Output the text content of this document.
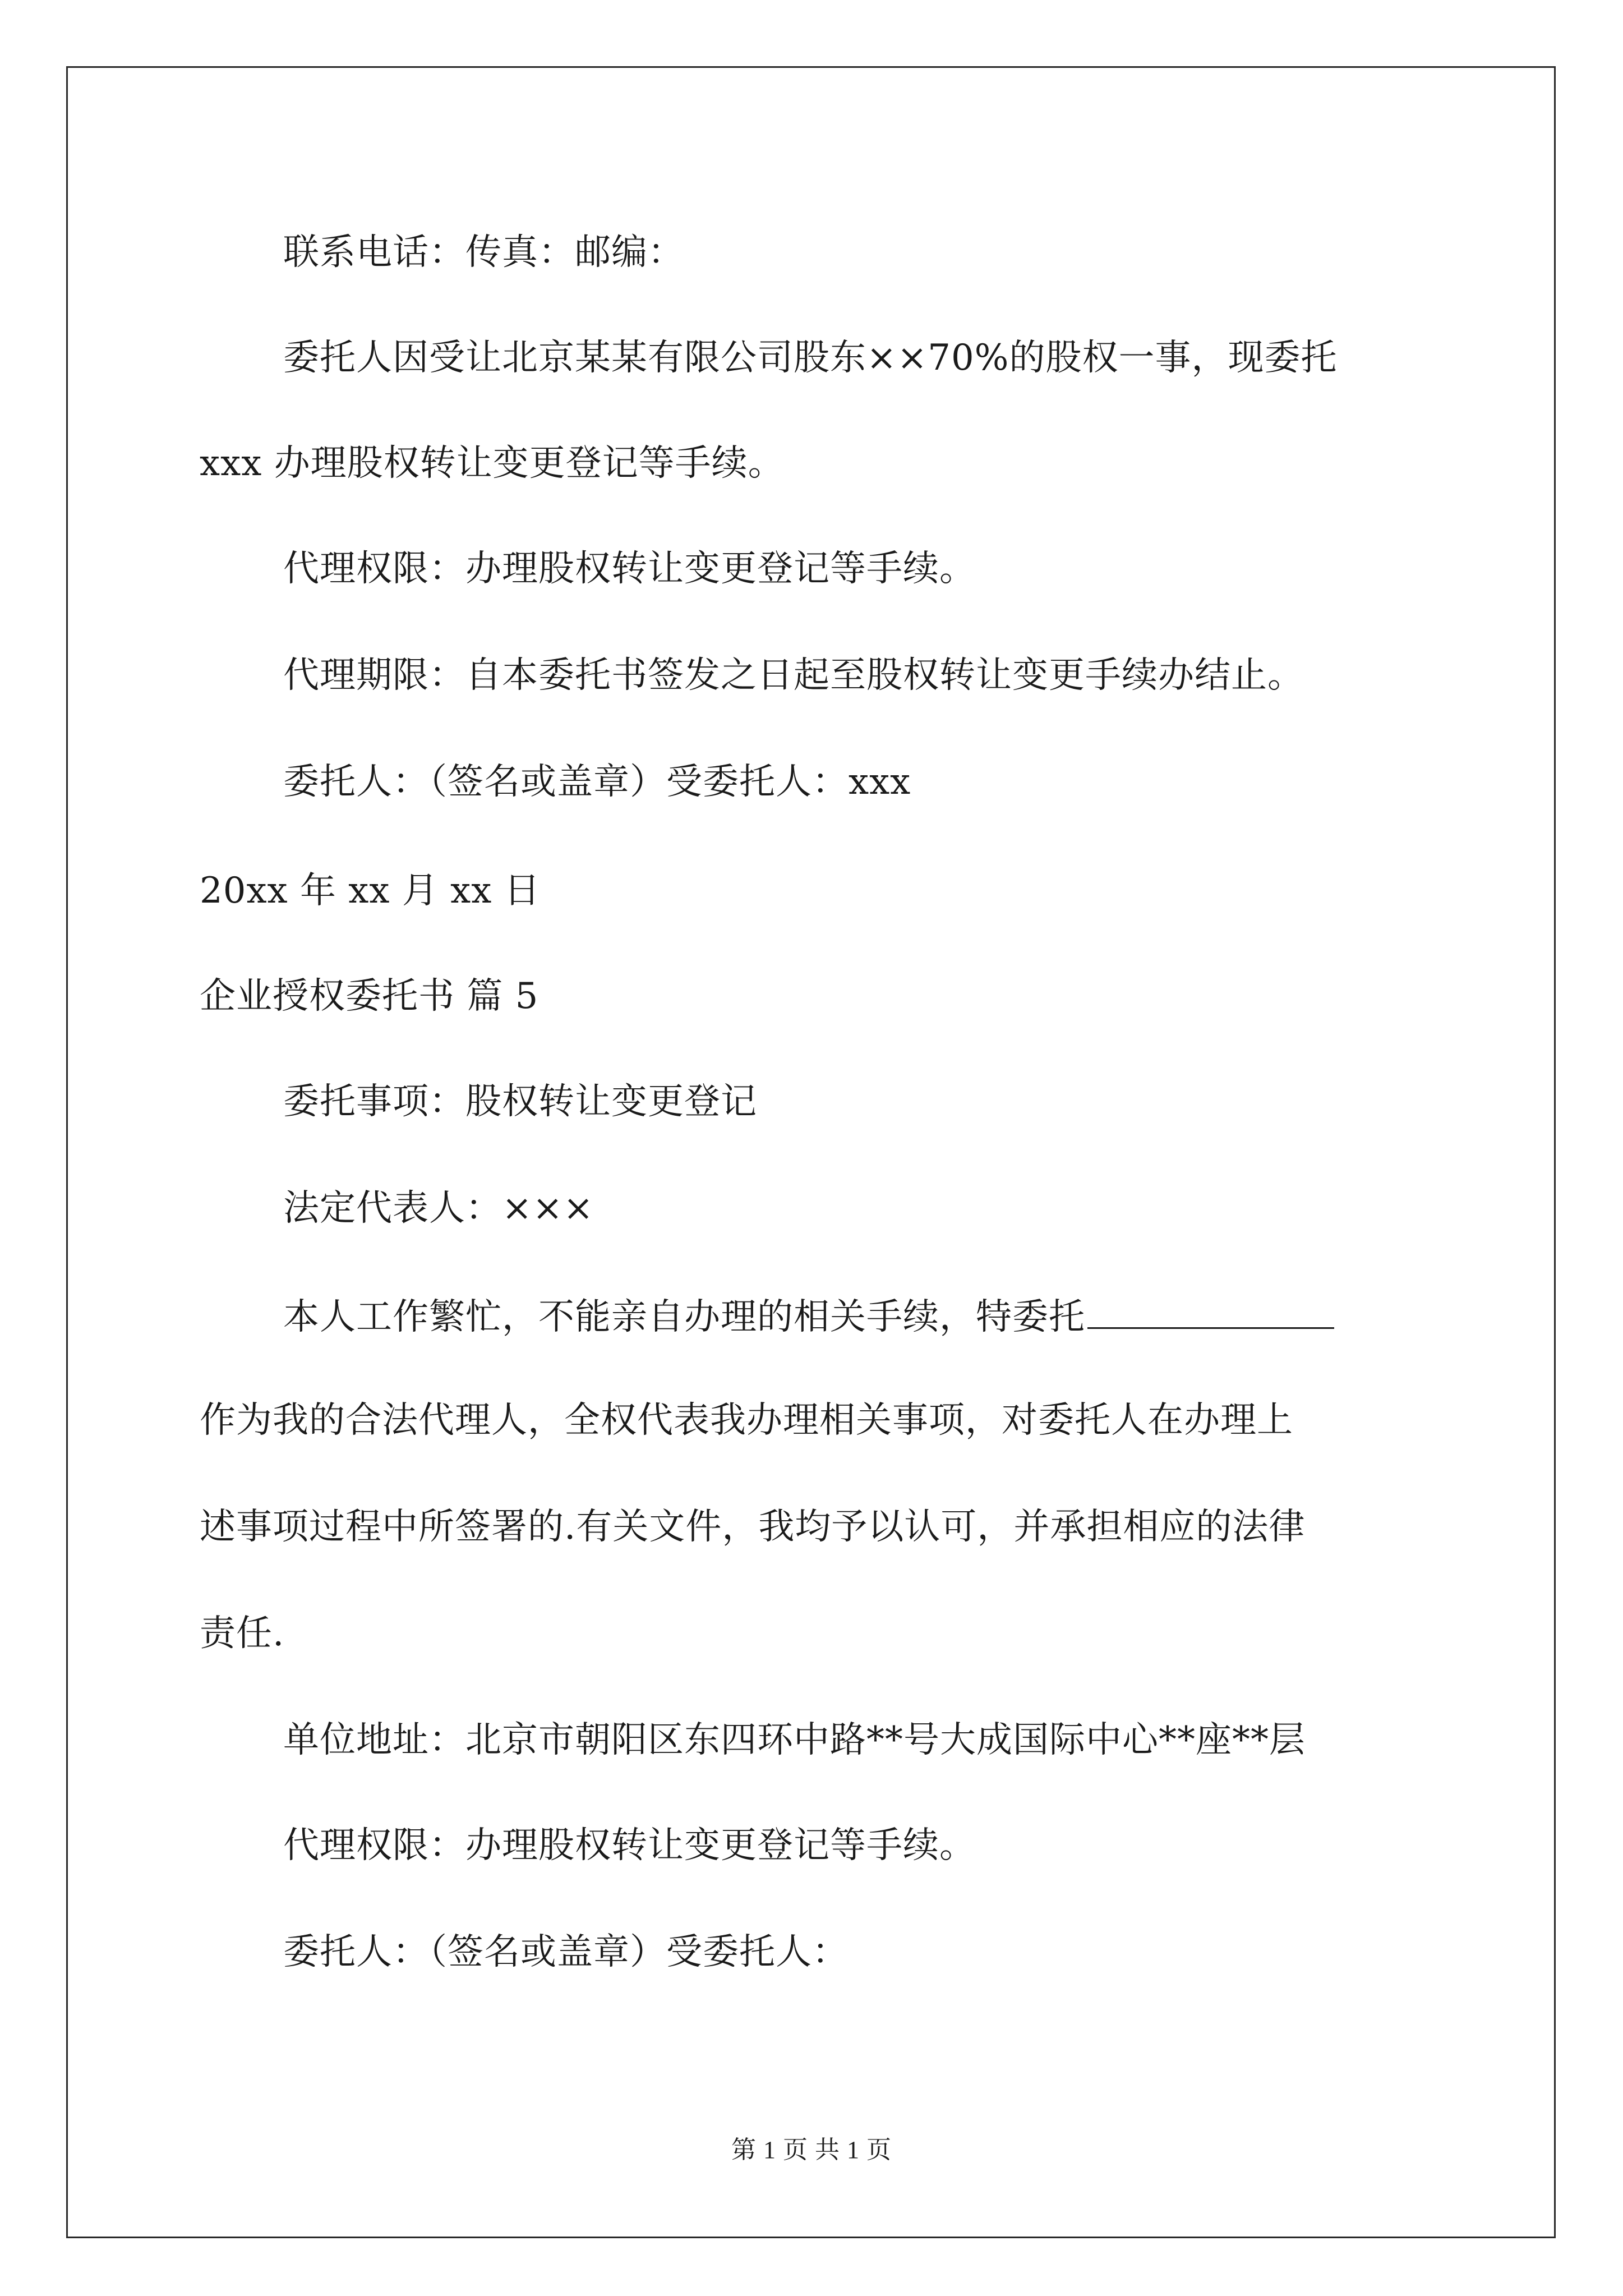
联系电话：传真：邮编：
委托人因受让北京某某有限公司股东××70%的股权一事，现委托
xxx 办理股权转让变更登记等手续。
代理权限：办理股权转让变更登记等手续。
代理期限：自本委托书签发之日起至股权转让变更手续办结止。
委托人：（签名或盖章）受委托人：xxx
20xx 年 xx 月 xx 日
企业授权委托书 篇 5
委托事项：股权转让变更登记
法定代表人：×××
本人工作繁忙，不能亲自办理的相关手续，特委托
作为我的合法代理人，全权代表我办理相关事项，对委托人在办理上
述事项过程中所签署的.有关文件，我均予以认可，并承担相应的法律
责任.
单位地址：北京市朝阳区东四环中路**号大成国际中心**座**层
代理权限：办理股权转让变更登记等手续。
委托人：（签名或盖章）受委托人：
第 1 页 共 1 页
